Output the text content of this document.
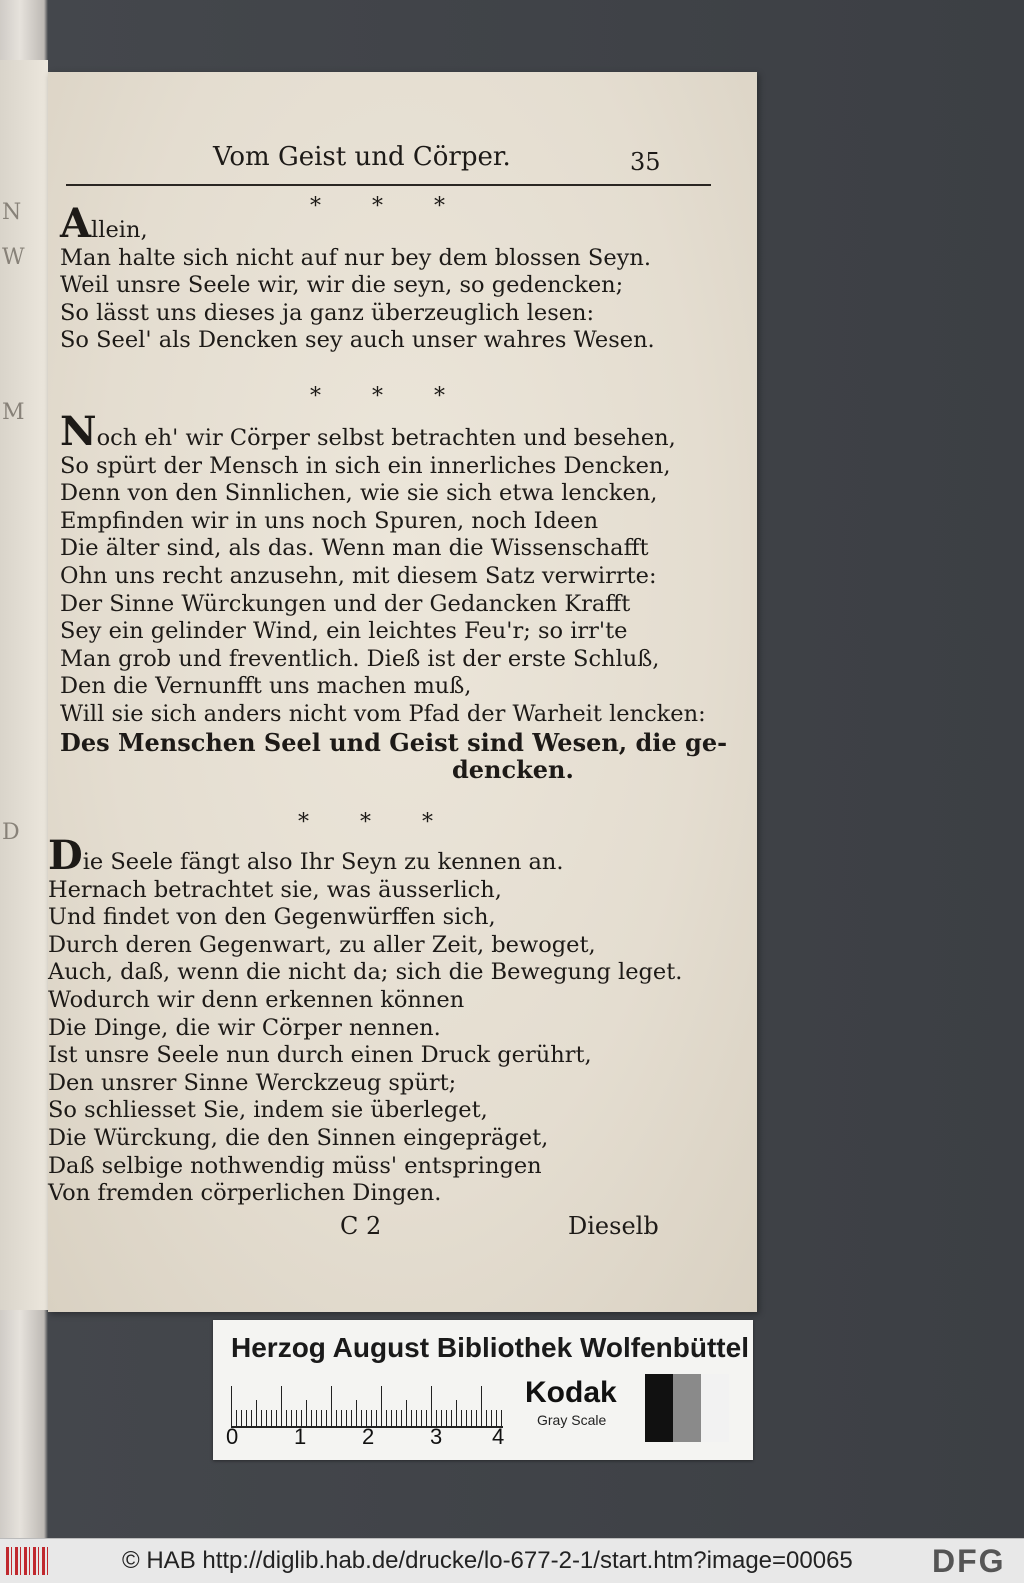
N
W
M
D
Vom Geist und Cörper.	35
* * *
Allein,
Man halte sich nicht auf nur bey dem blossen Seyn.
Weil unsre Seele wir, wir die seyn, so gedencken;
So lässt uns dieses ja ganz überzeuglich lesen:
So Seel' als Dencken sey auch unser wahres Wesen.
* * *
Noch eh' wir Cörper selbst betrachten und besehen,
So spürt der Mensch in sich ein innerliches Dencken,
Denn von den Sinnlichen, wie sie sich etwa lencken,
Empfinden wir in uns noch Spuren, noch Ideen
Die älter sind, als das. Wenn man die Wissenschafft
Ohn uns recht anzusehn, mit diesem Satz verwirrte:
Der Sinne Würckungen und der Gedancken Krafft
Sey ein gelinder Wind, ein leichtes Feu'r; so irr'te
Man grob und freventlich. Dieß ist der erste Schluß,
Den die Vernunfft uns machen muß,
Will sie sich anders nicht vom Pfad der Warheit lencken:
Des Menschen Seel und Geist sind Wesen, die ge-
dencken.
* * *
Die Seele fängt also Ihr Seyn zu kennen an.
Hernach betrachtet sie, was äusserlich,
Und findet von den Gegenwürffen sich,
Durch deren Gegenwart, zu aller Zeit, bewoget,
Auch, daß, wenn die nicht da; sich die Bewegung leget.
Wodurch wir denn erkennen können
Die Dinge, die wir Cörper nennen.
Ist unsre Seele nun durch einen Druck gerührt,
Den unsrer Sinne Werckzeug spürt;
So schliesset Sie, indem sie überleget,
Die Würckung, die den Sinnen eingepräget,
Daß selbige nothwendig müss' entspringen
Von fremden cörperlichen Dingen.
C 2	Dieselb
Herzog August Bibliothek Wolfenbüttel
0	1	2	3 4
Kodak
Gray Scale
© HAB http://diglib.hab.de/drucke/lo-677-2-1/start.htm?image=00065 DFG
